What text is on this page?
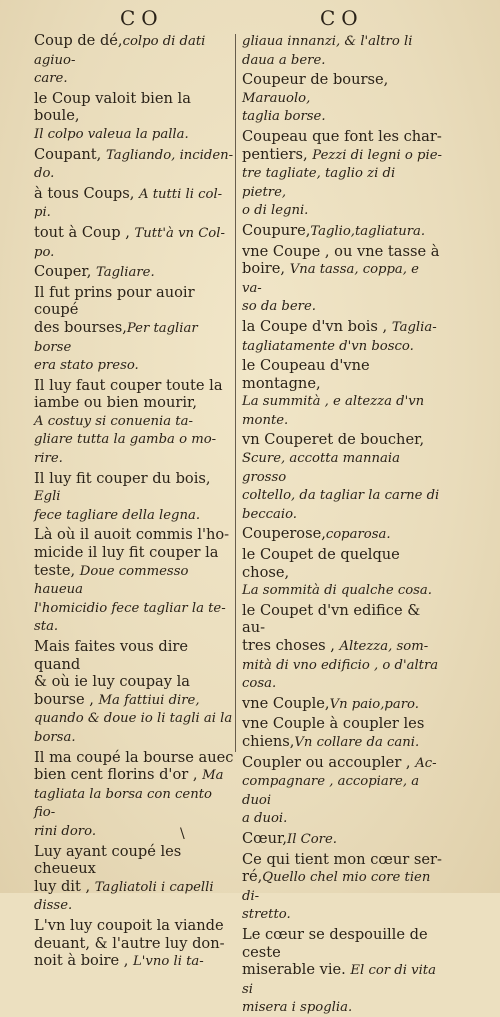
CO	CO
Coup de dé,colpo di dati agiuo-
care.
le Coup valoit bien la boule,
Il colpo valeua la palla.
Coupant, Tagliando, inciden-
do.
à tous Coups, A tutti li col-
pi.
tout à Coup , Tutt'à vn Col-
po.
Couper, Tagliare.
Il fut prins pour auoir coupé
des bourses,Per tagliar borse
era stato preso.
Il luy faut couper toute la
iambe ou bien mourir,
A costuy si conuenia ta-
gliare tutta la gamba o mo-
rire.
Il luy fit couper du bois, Egli
fece tagliare della legna.
Là où il auoit commis l'ho-
micide il luy fit couper la
teste, Doue commesso haueua
l'homicidio fece tagliar la te-
sta.
Mais faites vous dire quand
& où ie luy coupay la
bourse , Ma fattiui dire,
quando & doue io li tagli ai la
borsa.
Il ma coupé la bourse auec
bien cent florins d'or , Ma
tagliata la borsa con cento fio-
rini doro.
Luy ayant coupé les cheueux
luy dit , Tagliatoli i capelli
disse.
L'vn luy coupoit la viande
deuant, & l'autre luy don-
noit à boire , L'vno li ta-
gliaua innanzi, & l'altro li
daua a bere.
Coupeur de bourse, Marauolo,
taglia borse.
Coupeau que font les char-
pentiers, Pezzi di legni o pie-
tre tagliate, taglio zi di pietre,
o di legni.
Coupure,Taglio,tagliatura.
vne Coupe , ou vne tasse à
boire, Vna tassa, coppa, e va-
so da bere.
la Coupe d'vn bois , Taglia-
tagliatamente d'vn bosco.
le Coupeau d'vne montagne,
La summità , e altezza d'vn
monte.
vn Couperet de boucher,
Scure, accotta mannaia grosso
coltello, da tagliar la carne di
beccaio.
Couperose,coparosa.
le Coupet de quelque chose,
La sommità di qualche cosa.
le Coupet d'vn edifice & au-
tres choses , Altezza, som-
mità di vno edificio , o d'altra
cosa.
vne Couple,Vn paio,paro.
vne Couple à coupler les
chiens,Vn collare da cani.
Coupler ou accoupler , Ac-
compagnare , accopiare, a duoi
a duoi.
Cœur,Il Core.
Ce qui tient mon cœur ser-
ré,Quello chel mio core tien di-
stretto.
Le cœur se despouille de ceste
miserable vie. El cor di vita si
misera i spoglia.
\
